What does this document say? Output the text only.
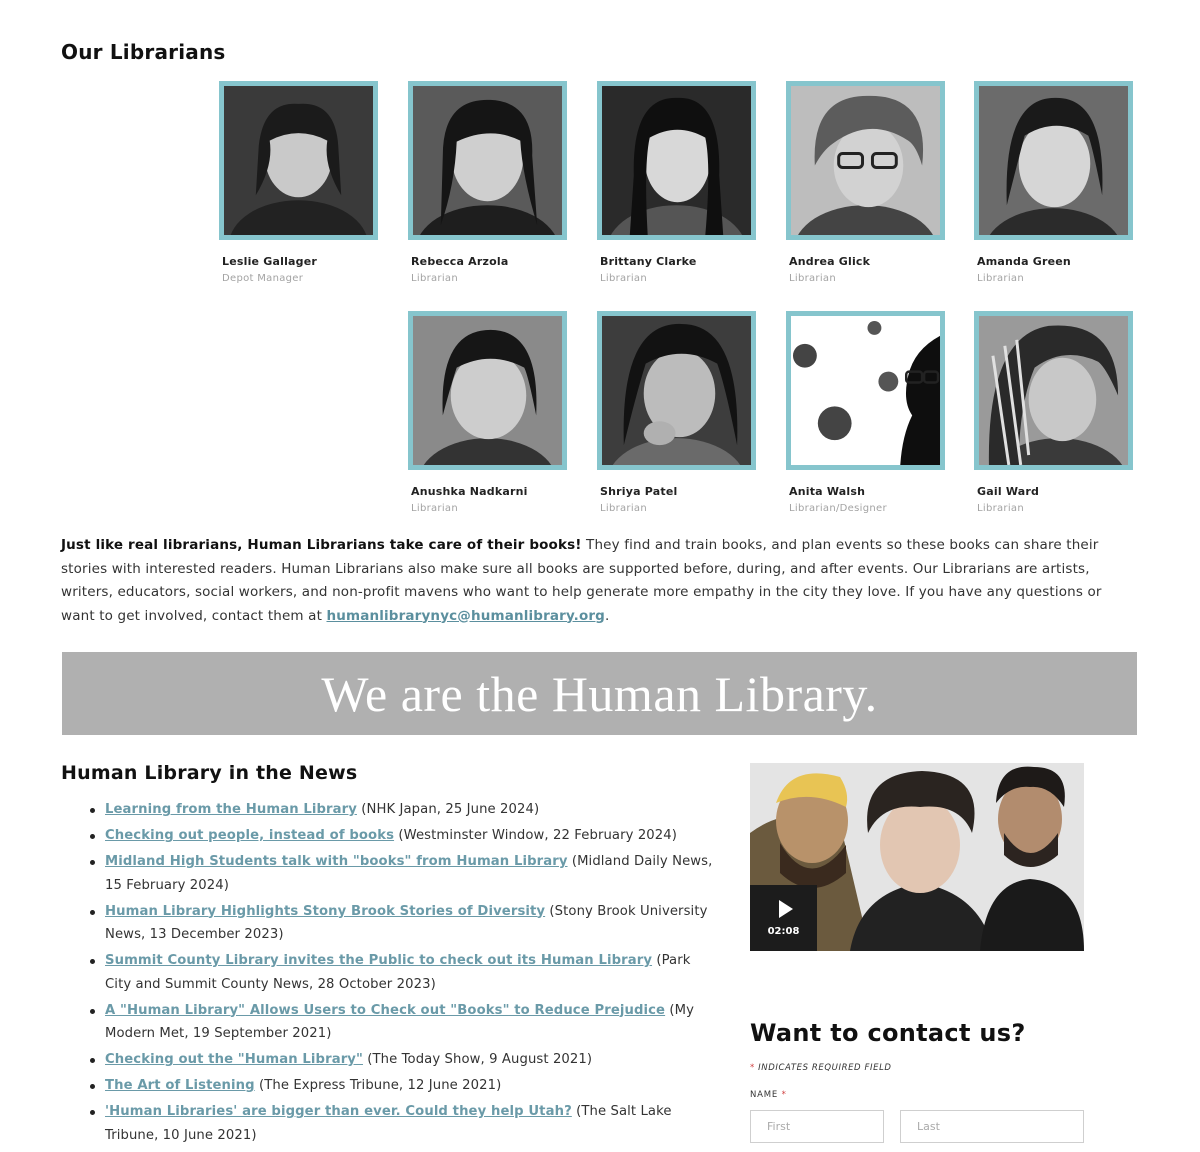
Our Librarians
Leslie Gallager
Depot Manager
Rebecca Arzola
Librarian
Brittany Clarke
Librarian
Andrea Glick
Librarian
Amanda Green
Librarian
Anushka Nadkarni
Librarian
Shriya Patel
Librarian
Anita Walsh
Librarian/Designer
Gail Ward
Librarian

Just like real librarians, Human Librarians take care of their books! They find and train books, and plan events so these books can share their stories with interested readers. Human Librarians also make sure all books are supported before, during, and after events. Our Librarians are artists, writers, educators, social workers, and non-profit mavens who want to help generate more empathy in the city they love. If you have any questions or want to get involved, contact them at humanlibrarynyc@humanlibrary.org.

We are the Human Library.
Human Library in the News
Learning from the Human Library (NHK Japan, 25 June 2024)
Checking out people, instead of books (Westminster Window, 22 February 2024)
Midland High Students talk with "books" from Human Library (Midland Daily News, 15 February 2024)
Human Library Highlights Stony Brook Stories of Diversity (Stony Brook University News, 13 December 2023)
Summit County Library invites the Public to check out its Human Library (Park City and Summit County News, 28 October 2023)
A "Human Library" Allows Users to Check out "Books" to Reduce Prejudice (My Modern Met, 19 September 2021)
Checking out the "Human Library" (The Today Show, 9 August 2021)
The Art of Listening (The Express Tribune, 12 June 2021)
'Human Libraries' are bigger than ever. Could they help Utah? (The Salt Lake Tribune, 10 June 2021)
02:08
Want to contact us?
* INDICATES REQUIRED FIELD
NAME *
First
Last
